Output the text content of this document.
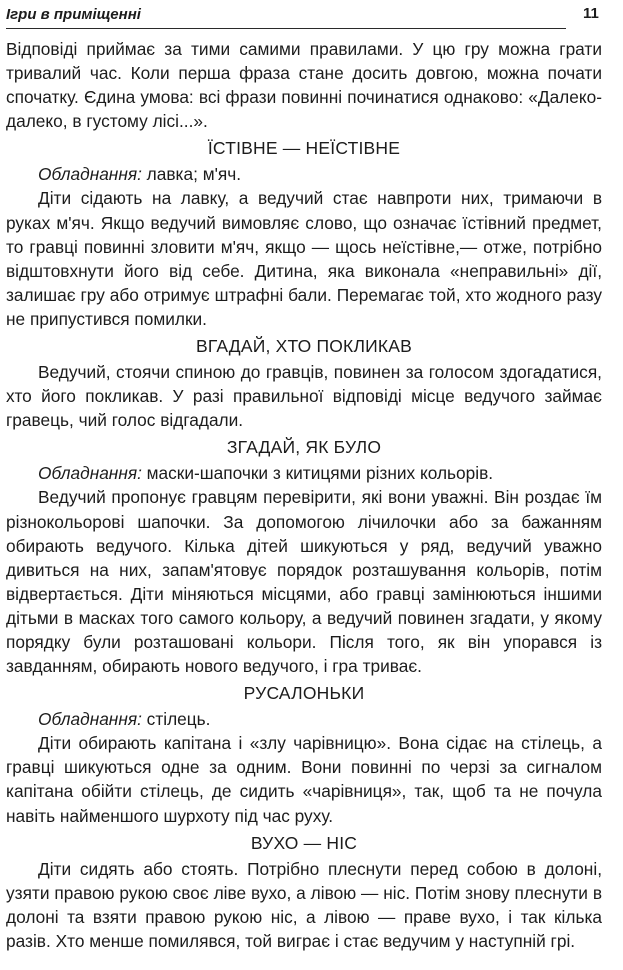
Ігри в приміщенні	11

Відповіді приймає за тими самими правилами. У цю гру можна грати тривалий час. Коли перша фраза стане досить довгою, можна почати спочатку. Єдина умова: всі фрази повинні починатися однаково: «Далеко-далеко, в густому лісі...».

ЇСТІВНЕ — НЕЇСТІВНЕ

Обладнання: лавка; м'яч.

Діти сідають на лавку, а ведучий стає навпроти них, тримаючи в руках м'яч. Якщо ведучий вимовляє слово, що означає їстівний предмет, то гравці повинні зловити м'яч, якщо — щось неїстівне,— отже, потрібно відштовхнути його від себе. Дитина, яка виконала «неправильні» дії, залишає гру або отримує штрафні бали. Перемагає той, хто жодного разу не припустився помилки.

ВГАДАЙ, ХТО ПОКЛИКАВ

Ведучий, стоячи спиною до гравців, повинен за голосом здогадатися, хто його покликав. У разі правильної відповіді місце ведучого займає гравець, чий голос відгадали.

ЗГАДАЙ, ЯК БУЛО

Обладнання: маски-шапочки з китицями різних кольорів.

Ведучий пропонує гравцям перевірити, які вони уважні. Він роздає їм різнокольорові шапочки. За допомогою лічилочки або за бажанням обирають ведучого. Кілька дітей шикуються у ряд, ведучий уважно дивиться на них, запам'ятовує порядок розташування кольорів, потім відвертається. Діти міняються місцями, або гравці замінюються іншими дітьми в масках того самого кольору, а ведучий повинен згадати, у якому порядку були розташовані кольори. Після того, як він упорався із завданням, обирають нового ведучого, і гра триває.

РУСАЛОНЬКИ

Обладнання: стілець.

Діти обирають капітана і «злу чарівницю». Вона сідає на стілець, а гравці шикуються одне за одним. Вони повинні по черзі за сигналом капітана обійти стілець, де сидить «чарівниця», так, щоб та не почула навіть найменшого шурхоту під час руху.

ВУХО — НІС

Діти сидять або стоять. Потрібно плеснути перед собою в долоні, узяти правою рукою своє ліве вухо, а лівою — ніс. Потім знову плеснути в долоні та взяти правою рукою ніс, а лівою — праве вухо, і так кілька разів. Хто менше помилявся, той виграє і стає ведучим у наступній грі.
